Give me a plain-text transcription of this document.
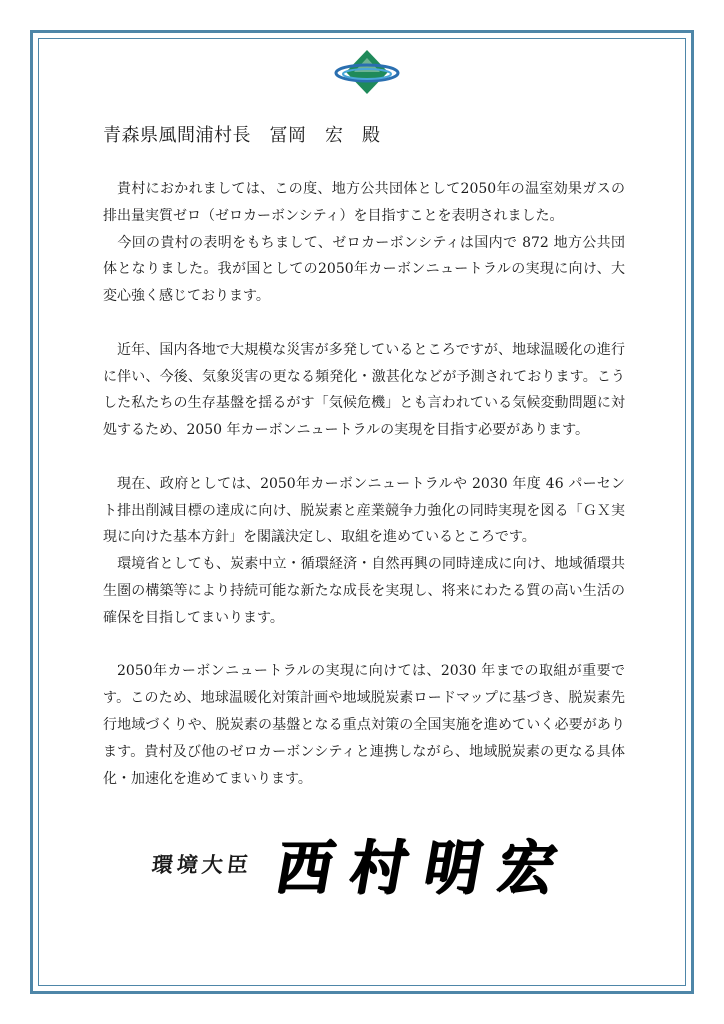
青森県風間浦村長　冨岡　宏　殿

貴村におかれましては、この度、地方公共団体として2050年の温室効果ガスの排出量実質ゼロ（ゼロカーボンシティ）を目指すことを表明されました。
今回の貴村の表明をもちまして、ゼロカーボンシティは国内で 872 地方公共団体となりました。我が国としての2050年カーボンニュートラルの実現に向け、大変心強く感じております。

近年、国内各地で大規模な災害が多発しているところですが、地球温暖化の進行に伴い、今後、気象災害の更なる頻発化・激甚化などが予測されております。こうした私たちの生存基盤を揺るがす「気候危機」とも言われている気候変動問題に対処するため、2050 年カーボンニュートラルの実現を目指す必要があります。

現在、政府としては、2050年カーボンニュートラルや 2030 年度 46 パーセント排出削減目標の達成に向け、脱炭素と産業競争力強化の同時実現を図る「ＧＸ実現に向けた基本方針」を閣議決定し、取組を進めているところです。
環境省としても、炭素中立・循環経済・自然再興の同時達成に向け、地域循環共生圏の構築等により持続可能な新たな成長を実現し、将来にわたる質の高い生活の確保を目指してまいります。

2050年カーボンニュートラルの実現に向けては、2030 年までの取組が重要です。このため、地球温暖化対策計画や地域脱炭素ロードマップに基づき、脱炭素先行地域づくりや、脱炭素の基盤となる重点対策の全国実施を進めていく必要があります。貴村及び他のゼロカーボンシティと連携しながら、地域脱炭素の更なる具体化・加速化を進めてまいります。

環境大臣 西村明宏
